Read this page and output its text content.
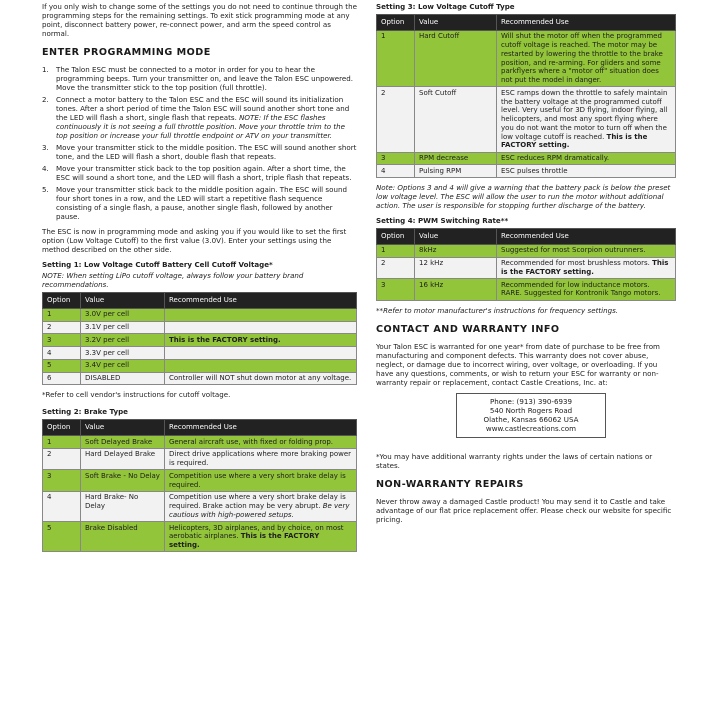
If you only wish to change some of the settings you do not need to continue through the programming steps for the remaining settings. To exit stick programming mode at any point, disconnect battery power, re-connect power, and arm the speed control as normal.

ENTER PROGRAMMING MODE
1. The Talon ESC must be connected to a motor in order for you to hear the programming beeps. Turn your transmitter on, and leave the Talon ESC unpowered. Move the transmitter stick to the top position (full throttle).
2. Connect a motor battery to the Talon ESC and the ESC will sound its initialization tones. After a short period of time the Talon ESC will sound another short tone and the LED will flash a short, single flash that repeats. NOTE: If the ESC flashes continuously it is not seeing a full throttle position. Move your throttle trim to the top position or increase your full throttle endpoint or ATV on your transmitter.
3. Move your transmitter stick to the middle position. The ESC will sound another short tone, and the LED will flash a short, double flash that repeats.
4. Move your transmitter stick back to the top position again. After a short time, the ESC will sound a short tone, and the LED will flash a short, triple flash that repeats.
5. Move your transmitter stick back to the middle position again. The ESC will sound four short tones in a row, and the LED will start a repetitive flash sequence consisting of a single flash, a pause, another single flash, followed by another pause.

The ESC is now in programming mode and asking you if you would like to set the first option (Low Voltage Cutoff) to the first value (3.0V). Enter your settings using the method described on the other side.

Setting 1: Low Voltage Cutoff Battery Cell Cutoff Voltage*
NOTE: When setting LiPo cutoff voltage, always follow your battery brand recommendations.
Option	Value	Recommended Use
1	3.0V per cell	
2	3.1V per cell	
3	3.2V per cell	This is the FACTORY setting.
4	3.3V per cell	
5	3.4V per cell	
6	DISABLED	Controller will NOT shut down motor at any voltage.
*Refer to cell vendor's instructions for cutoff voltage.
Setting 2: Brake Type
Option	Value	Recommended Use
1	Soft Delayed Brake	General aircraft use, with fixed or folding prop.
2	Hard Delayed Brake	Direct drive applications where more braking power is required.
3	Soft Brake - No Delay	Competition use where a very short brake delay is required.
4	Hard Brake- No Delay	Competition use where a very short brake delay is required. Brake action may be very abrupt. Be very cautious with high-powered setups.
5	Brake Disabled	Helicopters, 3D airplanes, and by choice, on most aerobatic airplanes. This is the FACTORY setting.
Setting 3: Low Voltage Cutoff Type
Option	Value	Recommended Use
1	Hard Cutoff	Will shut the motor off when the programmed cutoff voltage is reached. The motor may be restarted by lowering the throttle to the brake position, and re-arming. For gliders and some parkflyers where a "motor off" situation does not put the model in danger.
2	Soft Cutoff	ESC ramps down the throttle to safely maintain the battery voltage at the programmed cutoff level. Very useful for 3D flying, indoor flying, all helicopters, and most any sport flying where you do not want the motor to turn off when the low voltage cutoff is reached. This is the FACTORY setting.
3	RPM decrease	ESC reduces RPM dramatically.
4	Pulsing RPM	ESC pulses throttle

Note: Options 3 and 4 will give a warning that the battery pack is below the preset low voltage level. The ESC will allow the user to run the motor without additional action. The user is responsible for stopping further discharge of the battery.

Setting 4: PWM Switching Rate**
Option	Value	Recommended Use
1	8kHz	Suggested for most Scorpion outrunners.
2	12 kHz	Recommended for most brushless motors. This is the FACTORY setting.
3	16 kHz	Recommended for low inductance motors. RARE. Suggested for Kontronik Tango motors.
**Refer to motor manufacturer's instructions for frequency settings.
CONTACT AND WARRANTY INFO

Your Talon ESC is warranted for one year* from date of purchase to be free from manufacturing and component defects. This warranty does not cover abuse, neglect, or damage due to incorrect wiring, over voltage, or overloading. If you have any questions, comments, or wish to return your ESC for warranty or non-warranty repair or replacement, contact Castle Creations, Inc. at:

Phone: (913) 390-6939
540 North Rogers Road
Olathe, Kansas 66062 USA
www.castlecreations.com

*You may have additional warranty rights under the laws of certain nations or states.

NON-WARRANTY REPAIRS

Never throw away a damaged Castle product! You may send it to Castle and take advantage of our flat price replacement offer. Please check our website for specific pricing.
